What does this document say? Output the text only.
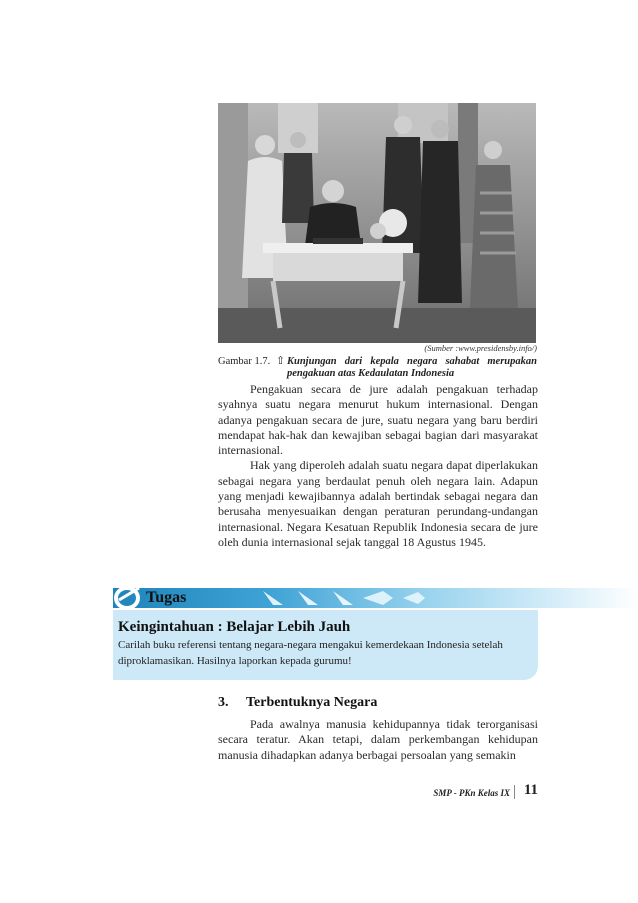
(Sumber :www.presidensby.info/)
Gambar 1.7. ⇧ Kunjungan dari kepala negara sahabat merupakan pengakuan atas Kedaulatan Indonesia

Pengakuan secara de jure adalah pengakuan terhadap syahnya suatu negara menurut hukum internasional. Dengan adanya pengakuan secara de jure, suatu negara yang baru berdiri mendapat hak-hak dan kewajiban sebagai bagian dari masyarakat internasional.

Hak yang diperoleh adalah suatu negara dapat diperlakukan sebagai negara yang berdaulat penuh oleh negara lain. Adapun yang menjadi kewajibannya adalah bertindak sebagai negara dan berusaha menyesuaikan dengan peraturan perundang-undangan internasional. Negara Kesatuan Republik Indonesia secara de jure oleh dunia internasional sejak tanggal 18 Agustus 1945.

Tugas
Keingintahuan : Belajar Lebih Jauh
Carilah buku referensi tentang negara-negara mengakui kemerdekaan Indonesia setelah diproklamasikan. Hasilnya laporkan kepada gurumu!
3. Terbentuknya Negara

Pada awalnya manusia kehidupannya tidak terorganisasi secara teratur. Akan tetapi, dalam perkembangan kehidupan manusia dihadapkan adanya berbagai persoalan yang semakin

SMP - PKn Kelas IX 11
